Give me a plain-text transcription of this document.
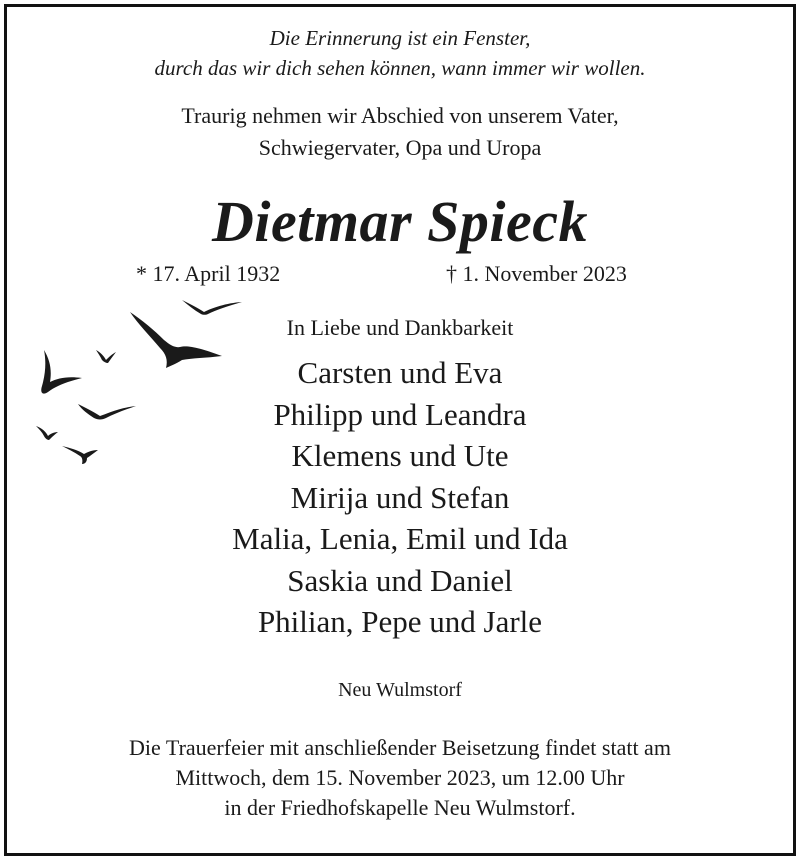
Die Erinnerung ist ein Fenster,
durch das wir dich sehen können, wann immer wir wollen.
Traurig nehmen wir Abschied von unserem Vater,
Schwiegervater, Opa und Uropa
Dietmar Spieck
* 17. April 1932	† 1. November 2023
In Liebe und Dankbarkeit
Carsten und Eva
Philipp und Leandra
Klemens und Ute
Mirija und Stefan
Malia, Lenia, Emil und Ida
Saskia und Daniel
Philian, Pepe und Jarle
Neu Wulmstorf
Die Trauerfeier mit anschließender Beisetzung findet statt am
Mittwoch, dem 15. November 2023, um 12.00 Uhr
in der Friedhofskapelle Neu Wulmstorf.
